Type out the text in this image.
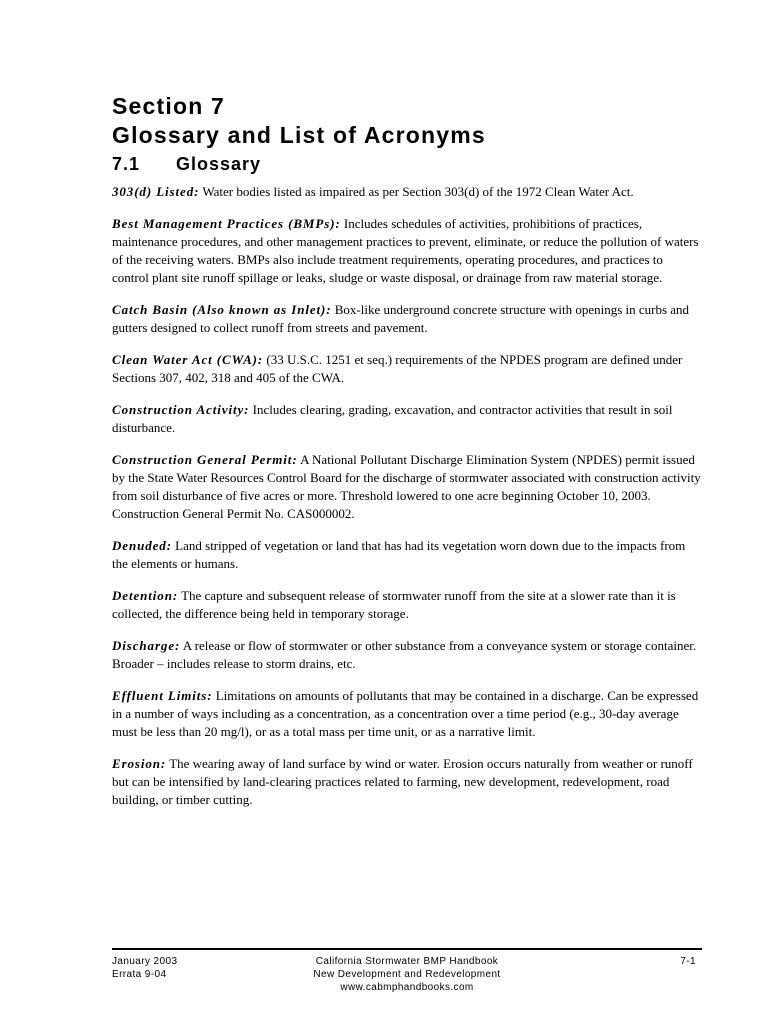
Section 7
Glossary and List of Acronyms
7.1 Glossary

303(d) Listed: Water bodies listed as impaired as per Section 303(d) of the 1972 Clean Water Act.

Best Management Practices (BMPs): Includes schedules of activities, prohibitions of practices, maintenance procedures, and other management practices to prevent, eliminate, or reduce the pollution of waters of the receiving waters. BMPs also include treatment requirements, operating procedures, and practices to control plant site runoff spillage or leaks, sludge or waste disposal, or drainage from raw material storage.

Catch Basin (Also known as Inlet): Box-like underground concrete structure with openings in curbs and gutters designed to collect runoff from streets and pavement.

Clean Water Act (CWA): (33 U.S.C. 1251 et seq.) requirements of the NPDES program are defined under Sections 307, 402, 318 and 405 of the CWA.

Construction Activity: Includes clearing, grading, excavation, and contractor activities that result in soil disturbance.

Construction General Permit: A National Pollutant Discharge Elimination System (NPDES) permit issued by the State Water Resources Control Board for the discharge of stormwater associated with construction activity from soil disturbance of five acres or more. Threshold lowered to one acre beginning October 10, 2003. Construction General Permit No. CAS000002.

Denuded: Land stripped of vegetation or land that has had its vegetation worn down due to the impacts from the elements or humans.

Detention: The capture and subsequent release of stormwater runoff from the site at a slower rate than it is collected, the difference being held in temporary storage.

Discharge: A release or flow of stormwater or other substance from a conveyance system or storage container. Broader – includes release to storm drains, etc.

Effluent Limits: Limitations on amounts of pollutants that may be contained in a discharge. Can be expressed in a number of ways including as a concentration, as a concentration over a time period (e.g., 30-day average must be less than 20 mg/l), or as a total mass per time unit, or as a narrative limit.

Erosion: The wearing away of land surface by wind or water. Erosion occurs naturally from weather or runoff but can be intensified by land-clearing practices related to farming, new development, redevelopment, road building, or timber cutting.

January 2003
Errata 9-04
California Stormwater BMP Handbook
New Development and Redevelopment
www.cabmphandbooks.com
7-1
